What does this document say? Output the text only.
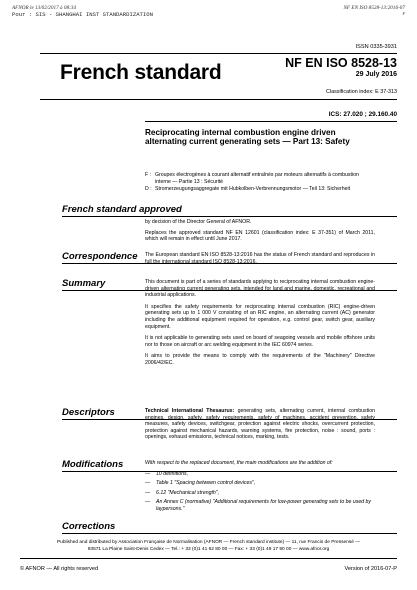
AFNOR le 13/02/2017 à 08:34	NF EN ISO 8528-13:2016-07
F
Pour : SIS - SHANGHAI INST STANDARDIZATION
ISSN 0335-3931
French standard	NF EN ISO 8528-13
29 July 2016
Classification index: E 37-313
ICS: 27.020 ; 29.160.40
Reciprocating internal combustion engine driven alternating current generating sets — Part 13: Safety
F : Groupes électrogènes à courant alternatif entraînés par moteurs alternatifs à combustion interne — Partie 13 : Sécurité
D : Stromerzeugungsaggregate mit Hubkolben-Verbrennungsmotor — Teil 13: Sicherheit
French standard approved

by decision of the Director General of AFNOR.

Replaces the approved standard NF EN 12601 (classification index: E 37-351) of March 2011, which will remain in effect until June 2017.

Correspondence The European standard EN ISO 8528-13:2016 has the status of French standard and reproduces in full the international standard ISO 8528-13:2016.
Summary	This document is part of a series of standards applying to reciprocating internal combustion engine-driven alternating current generating sets, intended for land and marine, domestic, recreational and industrial applications.

It specifies the safety requirements for reciprocating internal combustion (RIC) engine-driven generating sets up to 1 000 V consisting of an RIC engine, an alternating current (AC) generator including the additional equipment required for operation, e.g. control gear, switch gear, auxiliary equipment.

It is not applicable to generating sets used on board of seagoing vessels and mobile offshore units nor to those on aircraft or arc welding equipment in the IEC 60974 series.

It aims to provide the means to comply with the requirements of the "Machinery" Directive 2006/42/EC.

Descriptors	Technical International Thesaurus: generating sets, alternating current, internal combustion engines, design, safety, safety requirements, safety of machines, accident prevention, safety measures, safety devices, switchgear, protection against electric shocks, overcurrent protection, protection against mechanical hazards, warning systems, fire protection, noise : sound, ports : openings, exhaust emissions, technical notices, marking, tests.
Modifications	With respect to the replaced document, the main modifications are the addition of:

— 10 definitions,
— Table 1 "Spacing between control devices",
— 6.12 "Mechanical strength",
— An Annex C (normative) "Additional requirements for low-power generating sets to be used by laypersons."
Corrections
Published and distributed by Association Française de Normalisation (AFNOR — French standard institute) — 11, rue Francis de Pressensé —
93571 La Plaine Saint-Denis Cedex — Tel.: + 33 (0)1 41 62 80 00 — Fax: + 33 (0)1 49 17 90 00 — www.afnor.org
© AFNOR — All rights reserved	Version of 2016-07-P
